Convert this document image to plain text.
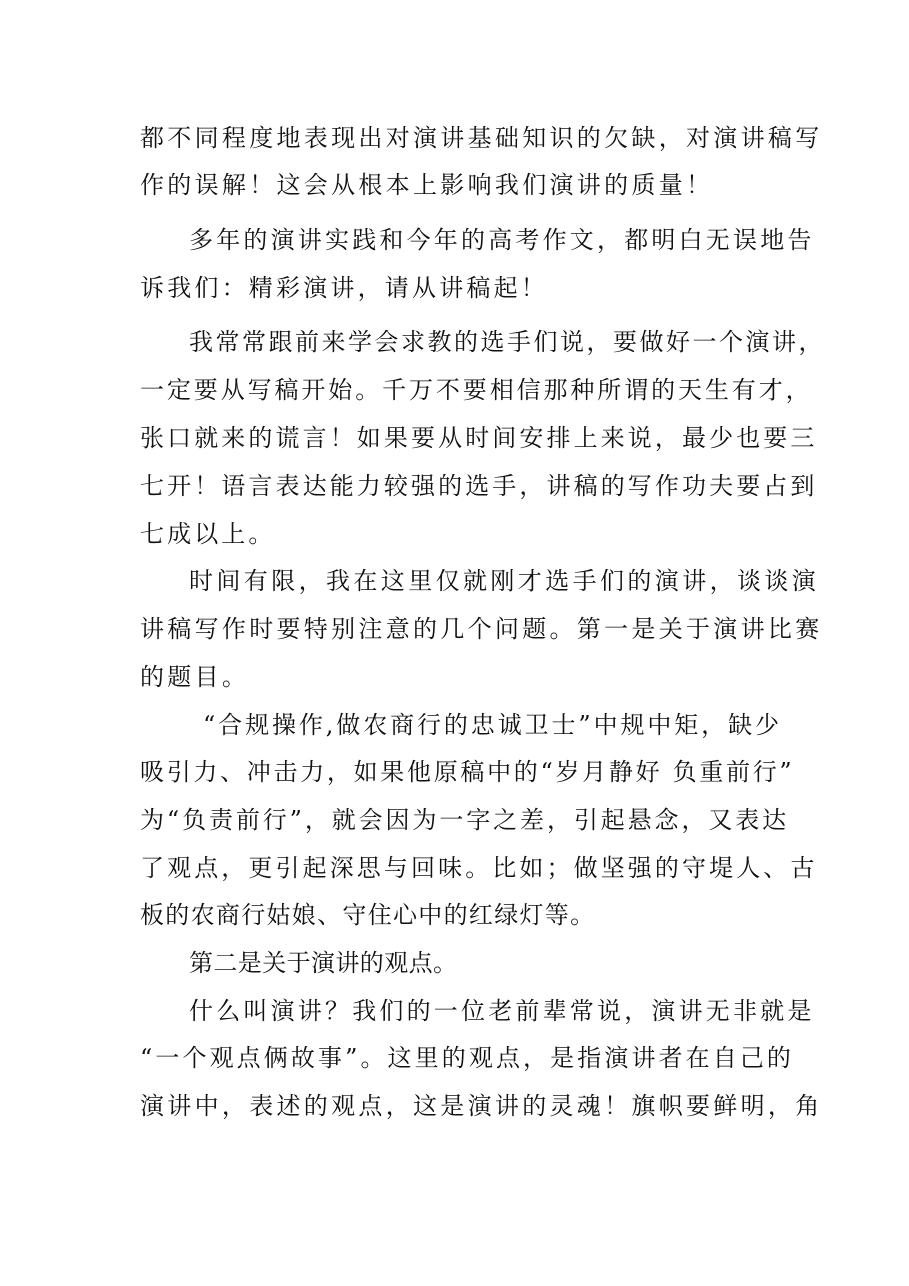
都不同程度地表现出对演讲基础知识的欠缺，对演讲稿写
作的误解！这会从根本上影响我们演讲的质量！
多年的演讲实践和今年的高考作文，都明白无误地告
诉我们：精彩演讲，请从讲稿起！
我常常跟前来学会求教的选手们说，要做好一个演讲，
一定要从写稿开始。千万不要相信那种所谓的天生有才，
张口就来的谎言！如果要从时间安排上来说，最少也要三
七开！语言表达能力较强的选手，讲稿的写作功夫要占到
七成以上。
时间有限，我在这里仅就刚才选手们的演讲，谈谈演
讲稿写作时要特别注意的几个问题。第一是关于演讲比赛
的题目。
“合规操作,做农商行的忠诚卫士”中规中矩，缺少
吸引力、冲击力，如果他原稿中的“岁月静好 负重前行”
为“负责前行”，就会因为一字之差，引起悬念，又表达
了观点，更引起深思与回味。比如；做坚强的守堤人、古
板的农商行姑娘、守住心中的红绿灯等。
第二是关于演讲的观点。
什么叫演讲？我们的一位老前辈常说，演讲无非就是
“一个观点俩故事”。这里的观点，是指演讲者在自己的
演讲中，表述的观点，这是演讲的灵魂！旗帜要鲜明，角
